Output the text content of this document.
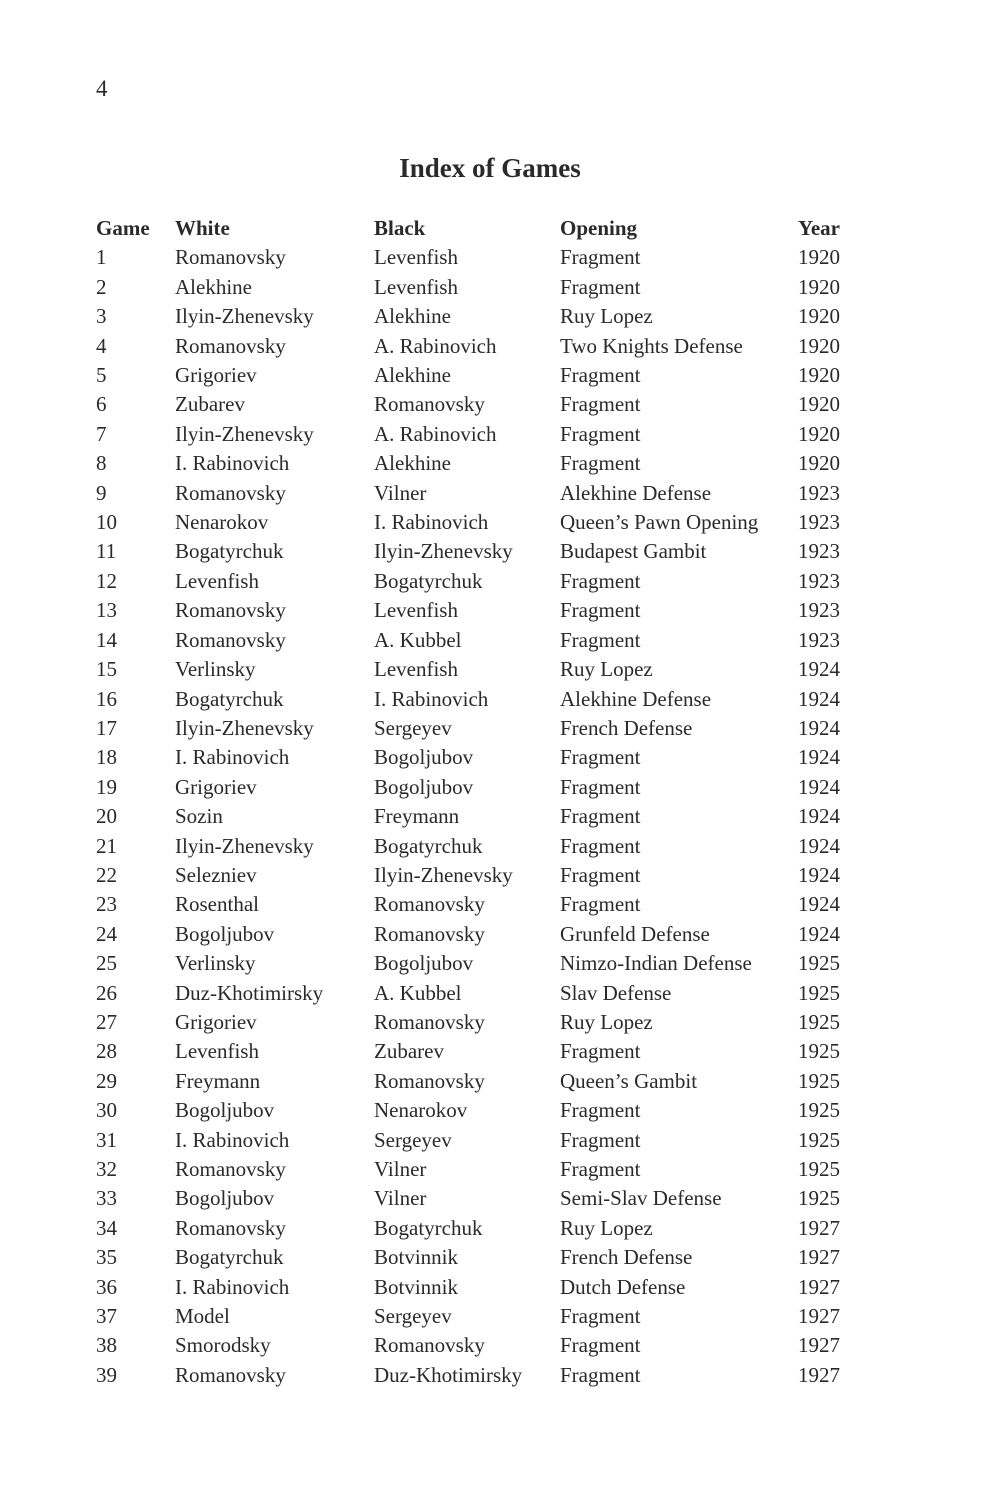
4
Index of Games
Game	White	Black	Opening	Year
1	Romanovsky	Levenfish	Fragment	1920
2	Alekhine	Levenfish	Fragment	1920
3	Ilyin-Zhenevsky	Alekhine	Ruy Lopez	1920
4	Romanovsky	A. Rabinovich	Two Knights Defense	1920
5	Grigoriev	Alekhine	Fragment	1920
6	Zubarev	Romanovsky	Fragment	1920
7	Ilyin-Zhenevsky	A. Rabinovich	Fragment	1920
8	I. Rabinovich	Alekhine	Fragment	1920
9	Romanovsky	Vilner	Alekhine Defense	1923
10	Nenarokov	I. Rabinovich	Queen’s Pawn Opening	1923
11	Bogatyrchuk	Ilyin-Zhenevsky	Budapest Gambit	1923
12	Levenfish	Bogatyrchuk	Fragment	1923
13	Romanovsky	Levenfish	Fragment	1923
14	Romanovsky	A. Kubbel	Fragment	1923
15	Verlinsky	Levenfish	Ruy Lopez	1924
16	Bogatyrchuk	I. Rabinovich	Alekhine Defense	1924
17	Ilyin-Zhenevsky	Sergeyev	French Defense	1924
18	I. Rabinovich	Bogoljubov	Fragment	1924
19	Grigoriev	Bogoljubov	Fragment	1924
20	Sozin	Freymann	Fragment	1924
21	Ilyin-Zhenevsky	Bogatyrchuk	Fragment	1924
22	Selezniev	Ilyin-Zhenevsky	Fragment	1924
23	Rosenthal	Romanovsky	Fragment	1924
24	Bogoljubov	Romanovsky	Grunfeld Defense	1924
25	Verlinsky	Bogoljubov	Nimzo-Indian Defense	1925
26	Duz-Khotimirsky	A. Kubbel	Slav Defense	1925
27	Grigoriev	Romanovsky	Ruy Lopez	1925
28	Levenfish	Zubarev	Fragment	1925
29	Freymann	Romanovsky	Queen’s Gambit	1925
30	Bogoljubov	Nenarokov	Fragment	1925
31	I. Rabinovich	Sergeyev	Fragment	1925
32	Romanovsky	Vilner	Fragment	1925
33	Bogoljubov	Vilner	Semi-Slav Defense	1925
34	Romanovsky	Bogatyrchuk	Ruy Lopez	1927
35	Bogatyrchuk	Botvinnik	French Defense	1927
36	I. Rabinovich	Botvinnik	Dutch Defense	1927
37	Model	Sergeyev	Fragment	1927
38	Smorodsky	Romanovsky	Fragment	1927
39	Romanovsky	Duz-Khotimirsky	Fragment	1927
